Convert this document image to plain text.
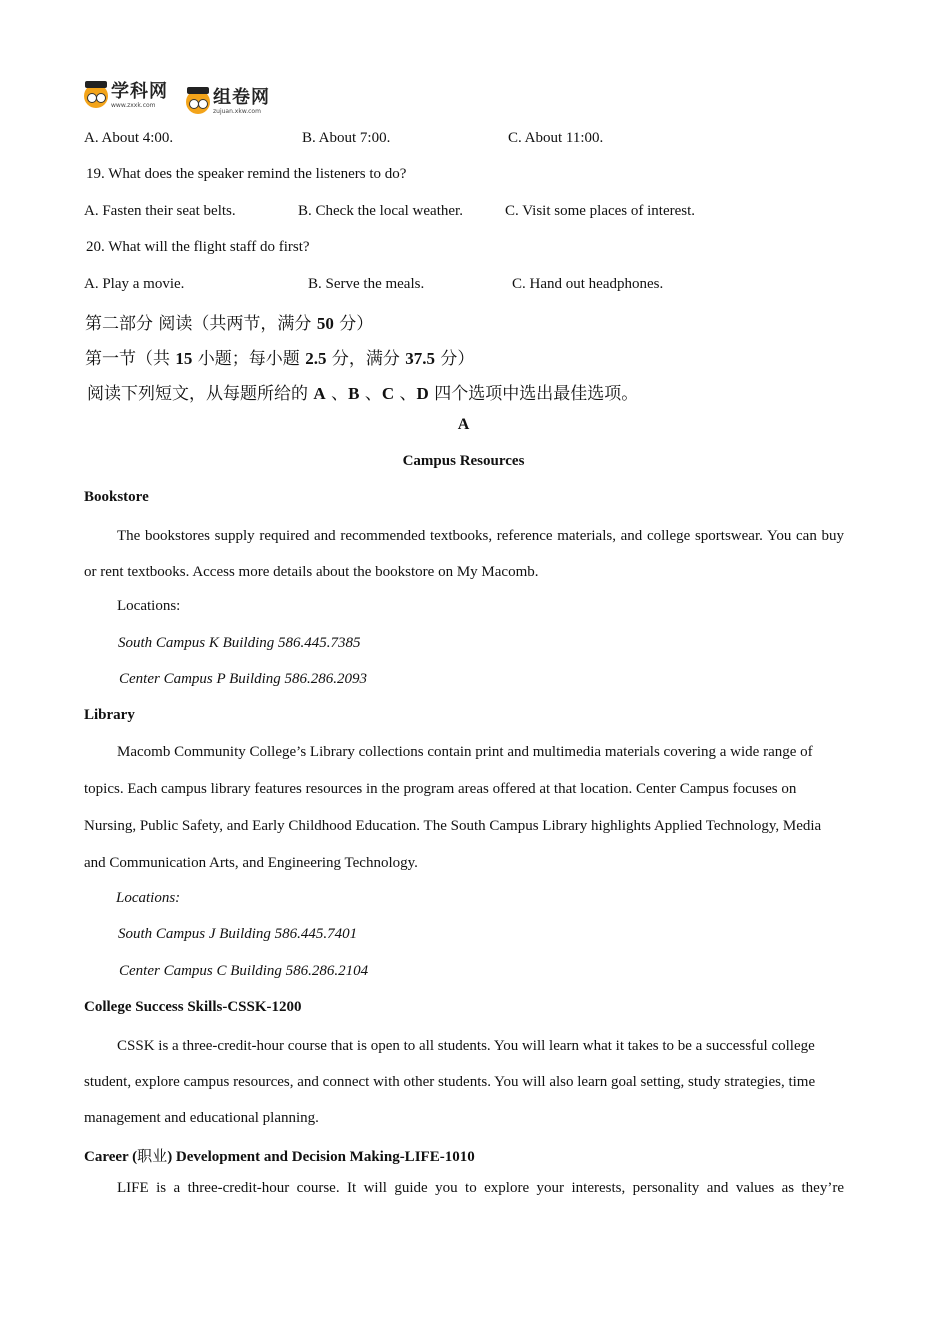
学科网
www.zxxk.com	组卷网
zujuan.xkw.com
A. About 4:00.	B. About 7:00.	C. About 11:00.
19. What does the speaker remind the listeners to do?
A. Fasten their seat belts.	B. Check the local weather.	C. Visit some places of interest.
20. What will the flight staff do first?
A. Play a movie.	B. Serve the meals.	C. Hand out headphones.
第二部分 阅读（共两节，满分 50 分）
第一节（共 15 小题；每小题 2.5 分，满分 37.5 分）
阅读下列短文，从每题所给的 A 、B 、C 、D 四个选项中选出最佳选项。
A
Campus Resources
Bookstore
The bookstores supply required and recommended textbooks, reference materials, and college sportswear. You can buy or rent textbooks. Access more details about the bookstore on My Macomb.
Locations:
South Campus K Building 586.445.7385
Center Campus P Building 586.286.2093
Library
Macomb Community College’s Library collections contain print and multimedia materials covering a wide range of topics. Each campus library features resources in the program areas offered at that location. Center Campus focuses on Nursing, Public Safety, and Early Childhood Education. The South Campus Library highlights Applied Technology, Media and Communication Arts, and Engineering Technology.
Locations:
South Campus J Building 586.445.7401
Center Campus C Building 586.286.2104
College Success Skills-CSSK-1200
CSSK is a three-credit-hour course that is open to all students. You will learn what it takes to be a successful college student, explore campus resources, and connect with other students. You will also learn goal setting, study strategies, time management and educational planning.
Career (职业) Development and Decision Making-LIFE-1010
LIFE is a three-credit-hour course. It will guide you to explore your interests, personality and values as they’re
